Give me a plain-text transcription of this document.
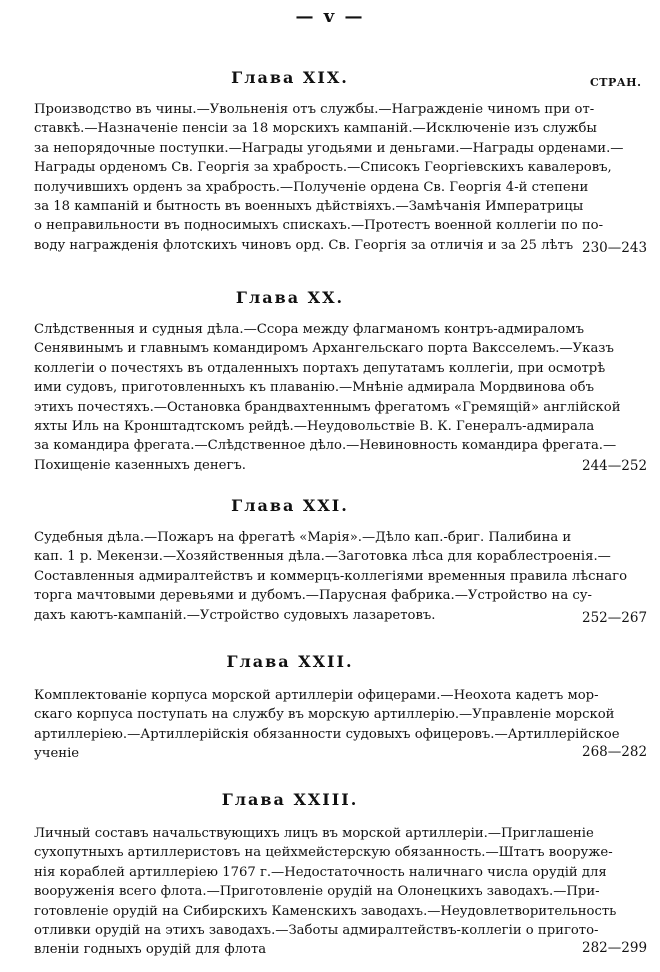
— v —
СТРАН.
Глава XIX.
Производство въ чины.—Увольненія отъ службы.—Награжденіе чиномъ при от-
ставкѣ.—Назначеніе пенсіи за 18 морскихъ кампаній.—Исключеніе изъ службы
за непорядочные поступки.—Награды угодьями и деньгами.—Награды орденами.—
Награды орденомъ Св. Георгія за храбрость.—Списокъ Георгіевскихъ кавалеровъ,
получившихъ орденъ за храбрость.—Полученіе ордена Св. Георгія 4-й степени
за 18 кампаній и бытность въ военныхъ дѣйствіяхъ.—Замѣчанія Императрицы
о неправильности въ подносимыхъ спискахъ.—Протестъ военной коллегіи по по-
воду награжденія флотскихъ чиновъ орд. Св. Георгія за отличія и за 25 лѣтъ 230—243
Глава XX.
Слѣдственныя и судныя дѣла.—Ссора между флагманомъ контръ-адмираломъ
Сенявинымъ и главнымъ командиромъ Архангельскаго порта Ваксселемъ.—Указъ
коллегіи о почестяхъ въ отдаленныхъ портахъ депутатамъ коллегіи, при осмотрѣ
ими судовъ, приготовленныхъ къ плаванію.—Мнѣніе адмирала Мордвинова объ
этихъ почестяхъ.—Остановка брандвахтеннымъ фрегатомъ «Гремящій» англійской
яхты Иль на Кронштадтскомъ рейдѣ.—Неудовольствіе В. К. Генералъ-адмирала
за командира фрегата.—Слѣдственное дѣло.—Невиновность командира фрегата.—
Похищеніе казенныхъ денегъ.	244—252
Глава XXI.
Судебныя дѣла.—Пожаръ на фрегатѣ «Марія».—Дѣло кап.-бриг. Палибина и
кап. 1 р. Мекензи.—Хозяйственныя дѣла.—Заготовка лѣса для кораблестроенія.—
Составленныя адмиралтействъ и коммерцъ-коллегіями временныя правила лѣснаго
торга мачтовыми деревьями и дубомъ.—Парусная фабрика.—Устройство на су-
дахъ каютъ-кампаній.—Устройство судовыхъ лазаретовъ.	252—267
Глава XXII.
Комплектованіе корпуса морской артиллеріи офицерами.—Неохота кадетъ мор-
скаго корпуса поступать на службу въ морскую артиллерію.—Управленіе морской
артиллеріею.—Артиллерійскія обязанности судовыхъ офицеровъ.—Артиллерійское
ученіе	268—282
Глава XXIII.
Личный составъ начальствующихъ лицъ въ морской артиллеріи.—Приглашеніе
сухопутныхъ артиллеристовъ на цейхмейстерскую обязанность.—Штатъ вооруже-
нія кораблей артиллеріею 1767 г.—Недостаточность наличнаго числа орудій для
вооруженія всего флота.—Приготовленіе орудій на Олонецкихъ заводахъ.—При-
готовленіе орудій на Сибирскихъ Каменскихъ заводахъ.—Неудовлетворительность
отливки орудій на этихъ заводахъ.—Заботы адмиралтействъ-коллегіи о пригото-
вленіи годныхъ орудій для флота	282—299
